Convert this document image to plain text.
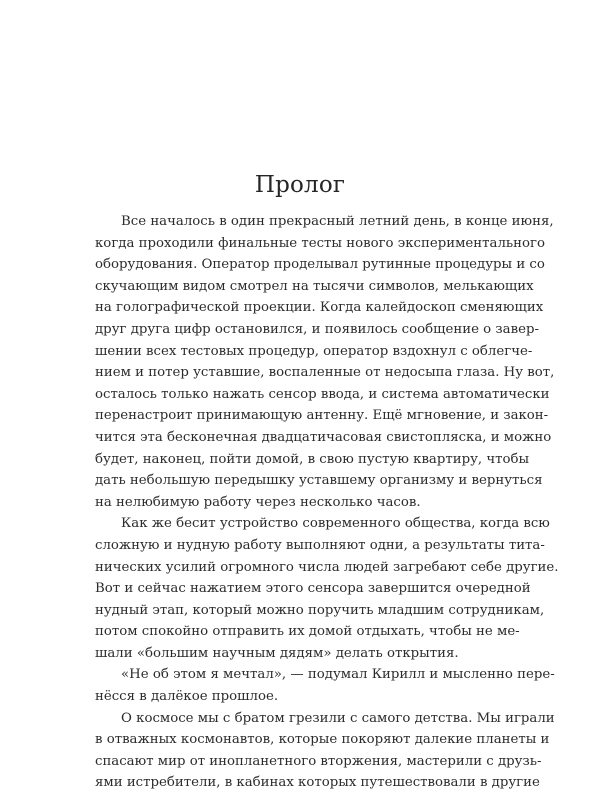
Пролог
Все началось в один прекрасный летний день, в конце июня,
когда проходили финальные тесты нового экспериментального
оборудования. Оператор проделывал рутинные процедуры и со
скучающим видом смотрел на тысячи символов, мелькающих
на голографической проекции. Когда калейдоскоп сменяющих
друг друга цифр остановился, и появилось сообщение о завер-
шении всех тестовых процедур, оператор вздохнул с облегче-
нием и потер уставшие, воспаленные от недосыпа глаза. Ну вот,
осталось только нажать сенсор ввода, и система автоматически
перенастроит принимающую антенну. Ещё мгновение, и закон-
чится эта бесконечная двадцатичасовая свистопляска, и можно
будет, наконец, пойти домой, в свою пустую квартиру, чтобы
дать небольшую передышку уставшему организму и вернуться
на нелюбимую работу через несколько часов.
Как же бесит устройство современного общества, когда всю
сложную и нудную работу выполняют одни, а результаты тита-
нических усилий огромного числа людей загребают себе другие.
Вот и сейчас нажатием этого сенсора завершится очередной
нудный этап, который можно поручить младшим сотрудникам,
потом спокойно отправить их домой отдыхать, чтобы не ме-
шали «большим научным дядям» делать открытия.
«Не об этом я мечтал», — подумал Кирилл и мысленно пере-
нёсся в далёкое прошлое.
О космосе мы с братом грезили с самого детства. Мы играли
в отважных космонавтов, которые покоряют далекие планеты и
спасают мир от инопланетного вторжения, мастерили с друзь-
ями истребители, в кабинах которых путешествовали в другие
